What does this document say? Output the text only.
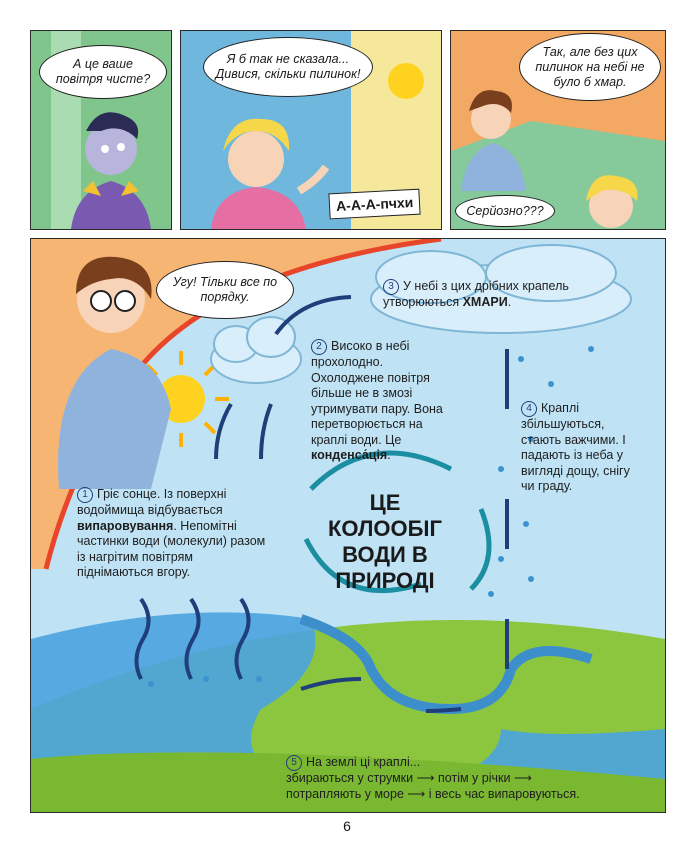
А це ваше повітря чисте?
Я б так не сказала... Дивися, скільки пилинок!
А-А-А-пчхи
Так, але без цих пилинок на небі не було б хмар.
Серйозно???
Угу! Тільки все по порядку.
3 У небі з цих дрібних крапель утворюються ХМАРИ.
2 Високо в небі прохолодно. Охолоджене повітря більше не в змозі утримувати пару. Вона перетворюється на краплі води. Це конденса́ція.
4 Краплі збільшуються, стають важчими. І падають із неба у вигляді дощу, снігу чи граду.
1 Гріє сонце. Із поверхні водоймища відбувається випаровування. Непомітні частинки води (молекули) разом із нагрітим повітрям піднімаються вгору.
5 На землі ці краплі...
збираються у струмки ⟶ потім у річки ⟶
потрапляють у море ⟶ і весь час випаровуються.
ЦЕ КОЛООБІГ ВОДИ В ПРИРОДІ
6
